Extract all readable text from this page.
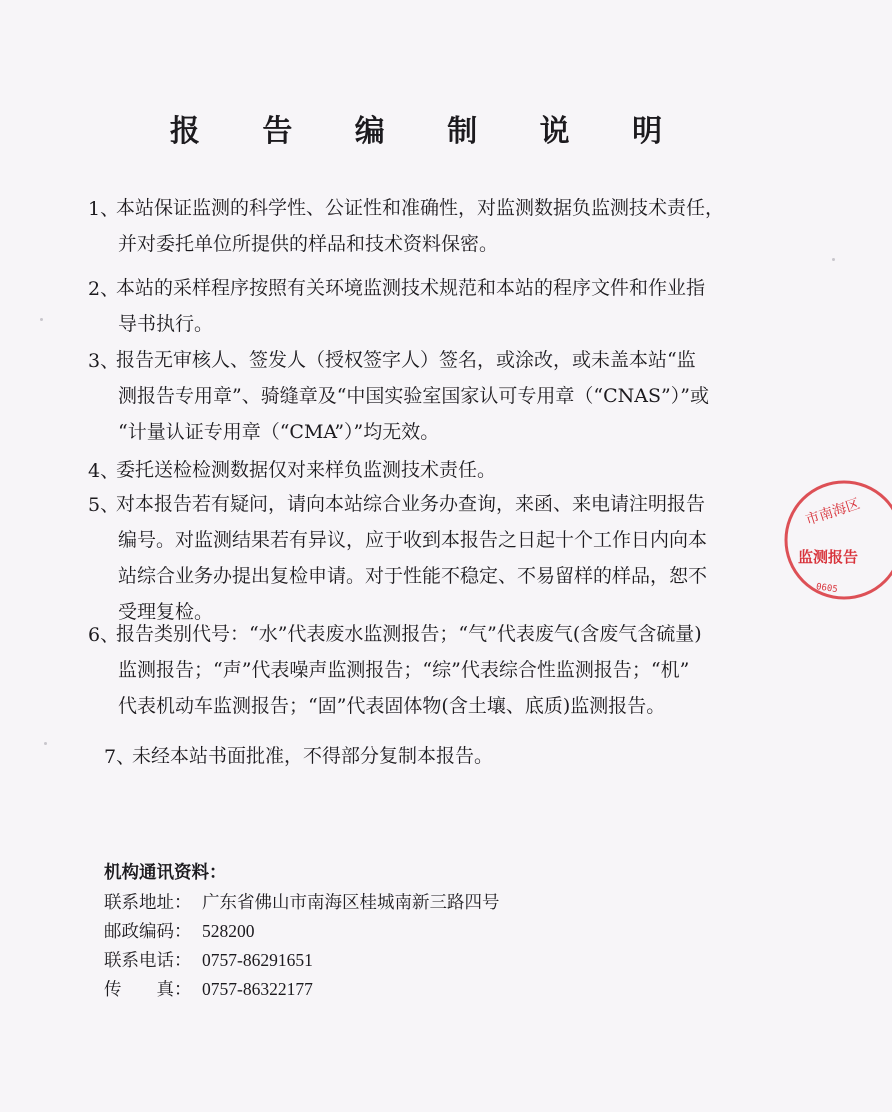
报 告 编 制 说 明
1、
本站保证监测的科学性、公证性和准确性，对监测数据负监测技术责任，
并对委托单位所提供的样品和技术资料保密。
2、
本站的采样程序按照有关环境监测技术规范和本站的程序文件和作业指
导书执行。
3、
报告无审核人、签发人（授权签字人）签名，或涂改，或未盖本站“监
测报告专用章”、骑缝章及“中国实验室国家认可专用章（“CNAS”）”或
“计量认证专用章（“CMA”）”均无效。
4、
委托送检检测数据仅对来样负监测技术责任。
5、
对本报告若有疑问，请向本站综合业务办查询，来函、来电请注明报告
编号。对监测结果若有异议，应于收到本报告之日起十个工作日内向本
站综合业务办提出复检申请。对于性能不稳定、不易留样的样品，恕不
受理复检。
6、
报告类别代号：“水”代表废水监测报告；“气”代表废气(含废气含硫量)
监测报告；“声”代表噪声监测报告；“综”代表综合性监测报告；“机”
代表机动车监测报告；“固”代表固体物(含土壤、底质)监测报告。
7、
未经本站书面批准，不得部分复制本报告。
机构通讯资料：
联系地址： 广东省佛山市南海区桂城南新三路四号
邮政编码： 528200
联系电话： 0757-86291651
传　　真： 0757-86322177
市南海区
监测报告
0605
